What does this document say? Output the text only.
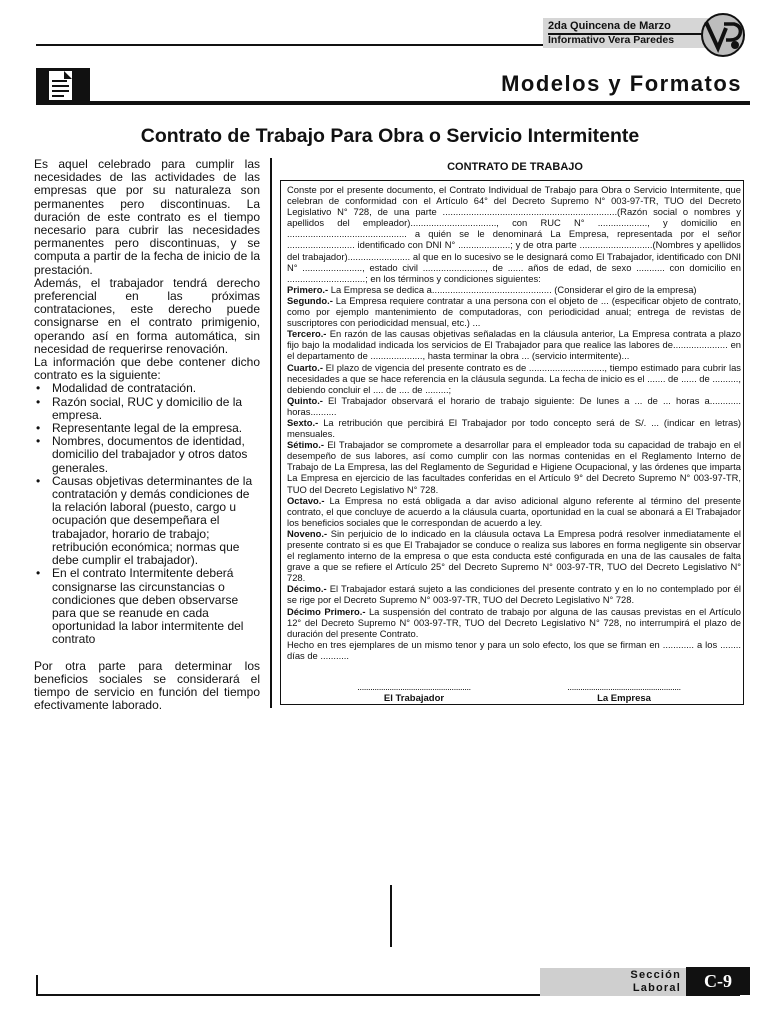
2da Quincena de Marzo
Informativo Vera Paredes
Modelos y Formatos
Contrato de Trabajo Para Obra o Servicio Intermitente

Es aquel celebrado para cumplir las necesidades de las actividades de las empresas que por su naturaleza son permanentes pero discontinuas. La duración de este contrato es el tiempo necesario para cubrir las necesidades permanentes pero discontinuas, y se computa a partir de la fecha de inicio de la prestación.

Además, el trabajador tendrá derecho preferencial en las próximas contrataciones, este derecho puede consignarse en el contrato primigenio, operando así en forma automática, sin necesidad de requerirse renovación.

La información que debe contener dicho contrato es la siguiente:

• Modalidad de contratación.
• Razón social, RUC y domicilio de la empresa.
• Representante legal de la empresa.
• Nombres, documentos de identidad, domicilio del trabajador y otros datos generales.
• Causas objetivas determinantes de la contratación y demás condiciones de la relación laboral (puesto, cargo u ocupación que desempeñara el trabajador, horario de trabajo; retribución económica; normas que debe cumplir el trabajador).
• En el contrato Intermitente deberá consignarse las circunstancias o condiciones que deben observarse para que se reanude en cada oportunidad la labor intermitente del contrato

Por otra parte para determinar los beneficios sociales se considerará el tiempo de servicio en función del tiempo efectivamente laborado.

CONTRATO DE TRABAJO

Conste por el presente documento, el Contrato Individual de Trabajo para Obra o Servicio Intermitente, que celebran de conformidad con el Artículo 64° del Decreto Supremo N° 003-97-TR, TUO del Decreto Legislativo N° 728, de una parte ...................................................................(Razón social o nombres y apellidos del empleador)................................., con RUC N° ..................., y domicilio en .............................................. a quién se le denominará La Empresa, representada por el señor .......................... identificado con DNI N° ....................; y de otra parte ............................(Nombres y apellidos del trabajador)........................ al que en lo sucesivo se le designará como El Trabajador, identificado con DNI N° ......................., estado civil ........................, de ...... años de edad, de sexo ........... con domicilio en ..............................; en los términos y condiciones siguientes:

Primero.- La Empresa se dedica a.............................................. (Considerar el giro de la empresa)

Segundo.- La Empresa requiere contratar a una persona con el objeto de ... (especificar objeto de contrato, como por ejemplo mantenimiento de computadoras, con periodicidad anual; entrega de revistas de suscriptores con periodicidad mensual, etc.) ...

Tercero.- En razón de las causas objetivas señaladas en la cláusula anterior, La Empresa contrata a plazo fijo bajo la modalidad indicada los servicios de El Trabajador para que realice las labores de..................... en el departamento de ...................., hasta terminar la obra ... (servicio intermitente)...

Cuarto.- El plazo de vigencia del presente contrato es de ............................., tiempo estimado para cubrir las necesidades a que se hace referencia en la cláusula segunda. La fecha de inicio es el ....... de ...... de .........., debiendo concluir el .... de .... de .........;

Quinto.- El Trabajador observará el horario de trabajo siguiente: De lunes a ... de ... horas a............ horas..........

Sexto.- La retribución que percibirá El Trabajador por todo concepto será de S/. ... (indicar en letras) mensuales.

Sétimo.- El Trabajador se compromete a desarrollar para el empleador toda su capacidad de trabajo en el desempeño de sus labores, así como cumplir con las normas contenidas en el Reglamento Interno de Trabajo de La Empresa, las del Reglamento de Seguridad e Higiene Ocupacional, y las órdenes que imparta La Empresa en ejercicio de las facultades conferidas en el Artículo 9° del Decreto Supremo N° 003-97-TR, TUO del Decreto Legislativo N° 728.

Octavo.- La Empresa no está obligada a dar aviso adicional alguno referente al término del presente contrato, el que concluye de acuerdo a la cláusula cuarta, oportunidad en la cual se abonará a El Trabajador los beneficios sociales que le correspondan de acuerdo a ley.

Noveno.- Sin perjuicio de lo indicado en la cláusula octava La Empresa podrá resolver inmediatamente el presente contrato si es que El Trabajador se conduce o realiza sus labores en forma negligente sin observar el reglamento interno de la empresa o que esta conducta esté configurada en una de las causales de falta grave a que se refiere el Artículo 25° del Decreto Supremo N° 003-97-TR, TUO del Decreto Legislativo N° 728.

Décimo.- El Trabajador estará sujeto a las condiciones del presente contrato y en lo no contemplado por él se rige por el Decreto Supremo N° 003-97-TR, TUO del Decreto Legislativo N° 728.

Décimo Primero.- La suspensión del contrato de trabajo por alguna de las causas previstas en el Artículo 12° del Decreto Supremo N° 003-97-TR, TUO del Decreto Legislativo N° 728, no interrumpirá el plazo de duración del presente Contrato.

Hecho en tres ejemplares de un mismo tenor y para un solo efecto, los que se firman en ............ a los ........ días de ...........

.....................................................
El Trabajador
.....................................................
La Empresa
Sección
Laboral	C-9
